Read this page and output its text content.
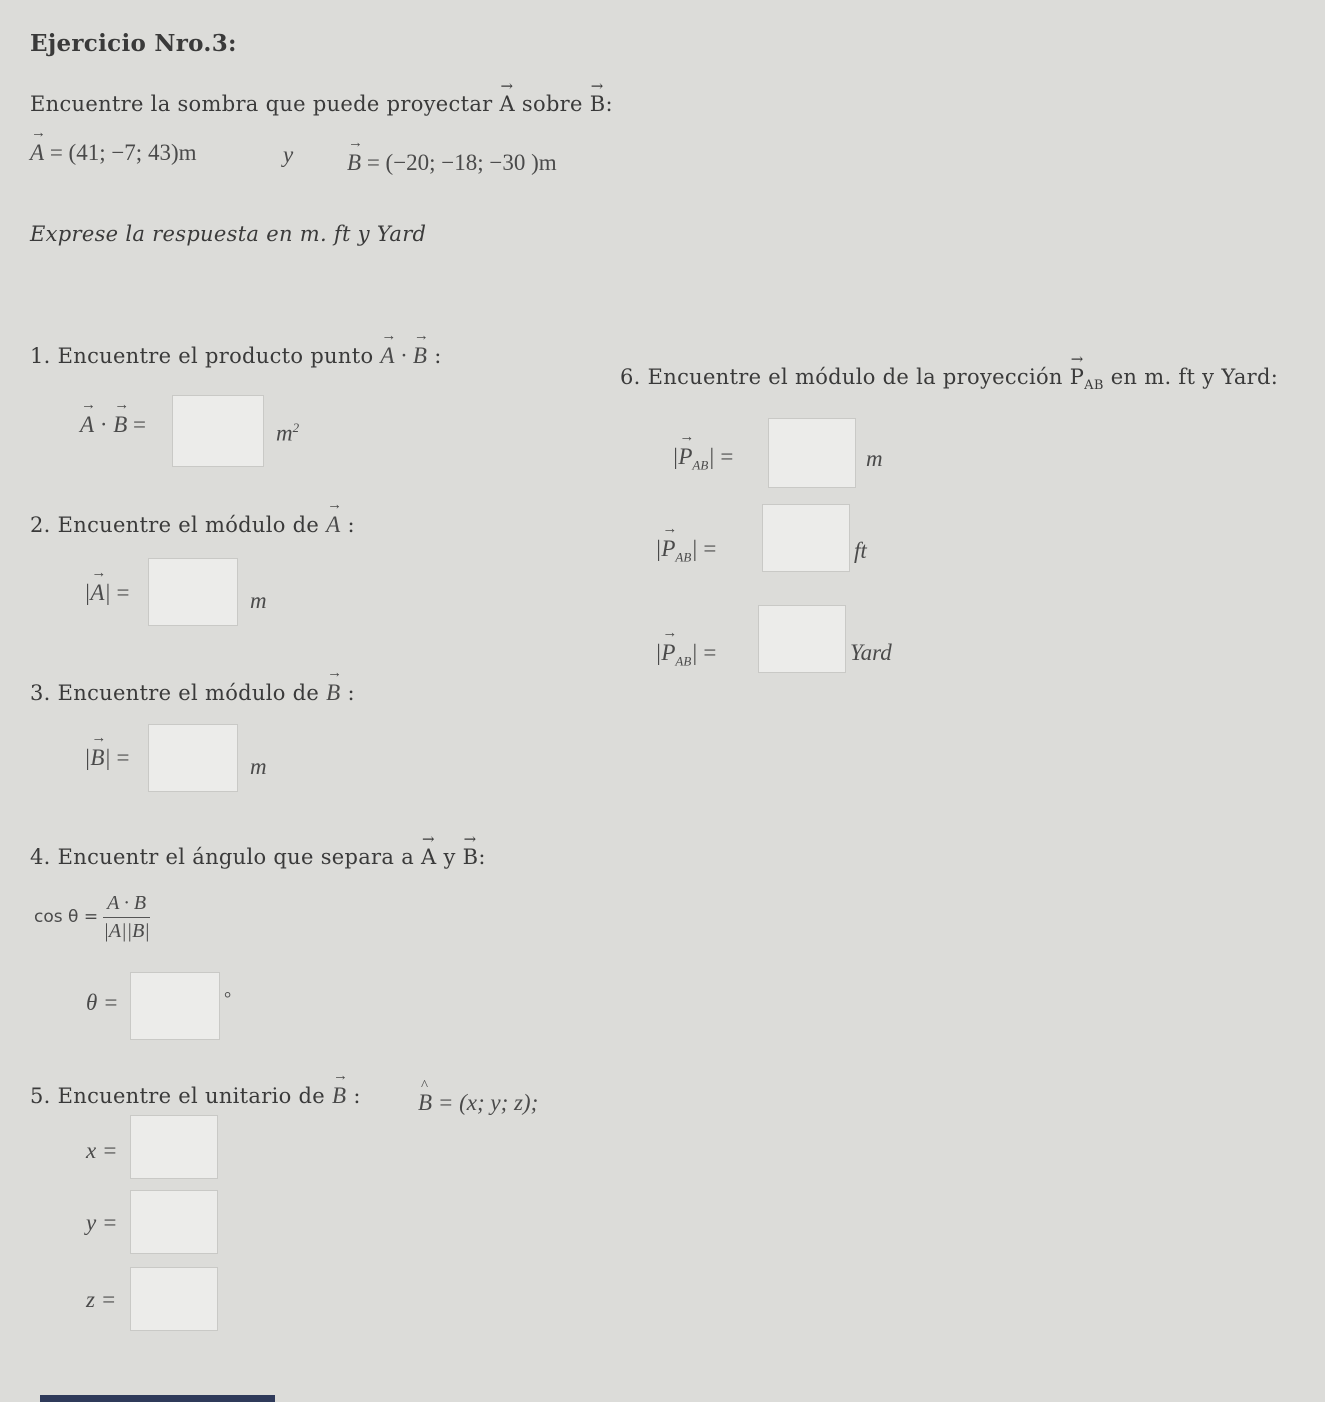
Ejercicio Nro.3:
Encuentre la sombra que puede proyectar → A sobre → B:
→ A = (41; −7; 43)m	y → B = (−20; −18; −30 )m
Exprese la respuesta en m. ft y Yard
1. Encuentre el producto punto → A · → B :
→ A · → B =	$m^2$
2. Encuentre el módulo de → A :
|→ A| =	m
3. Encuentre el módulo de → B :
|→ B| =	m
4. Encuentr el ángulo que separa a → A y → B:
$\cos \theta = \frac{A \cdot B}{|A||B|}$
θ =	°
5. Encuentre el unitario de → B : B
^
= (x; y; z);
x =
y =
z =
6. Encuentre el módulo de la proyección → $P_{AB}$ en m. ft y Yard:
|→ $P_{AB}|$ =	m
|→ $P_{AB}|$ =	ft
|→ $P_{AB}|$ =	Yard
